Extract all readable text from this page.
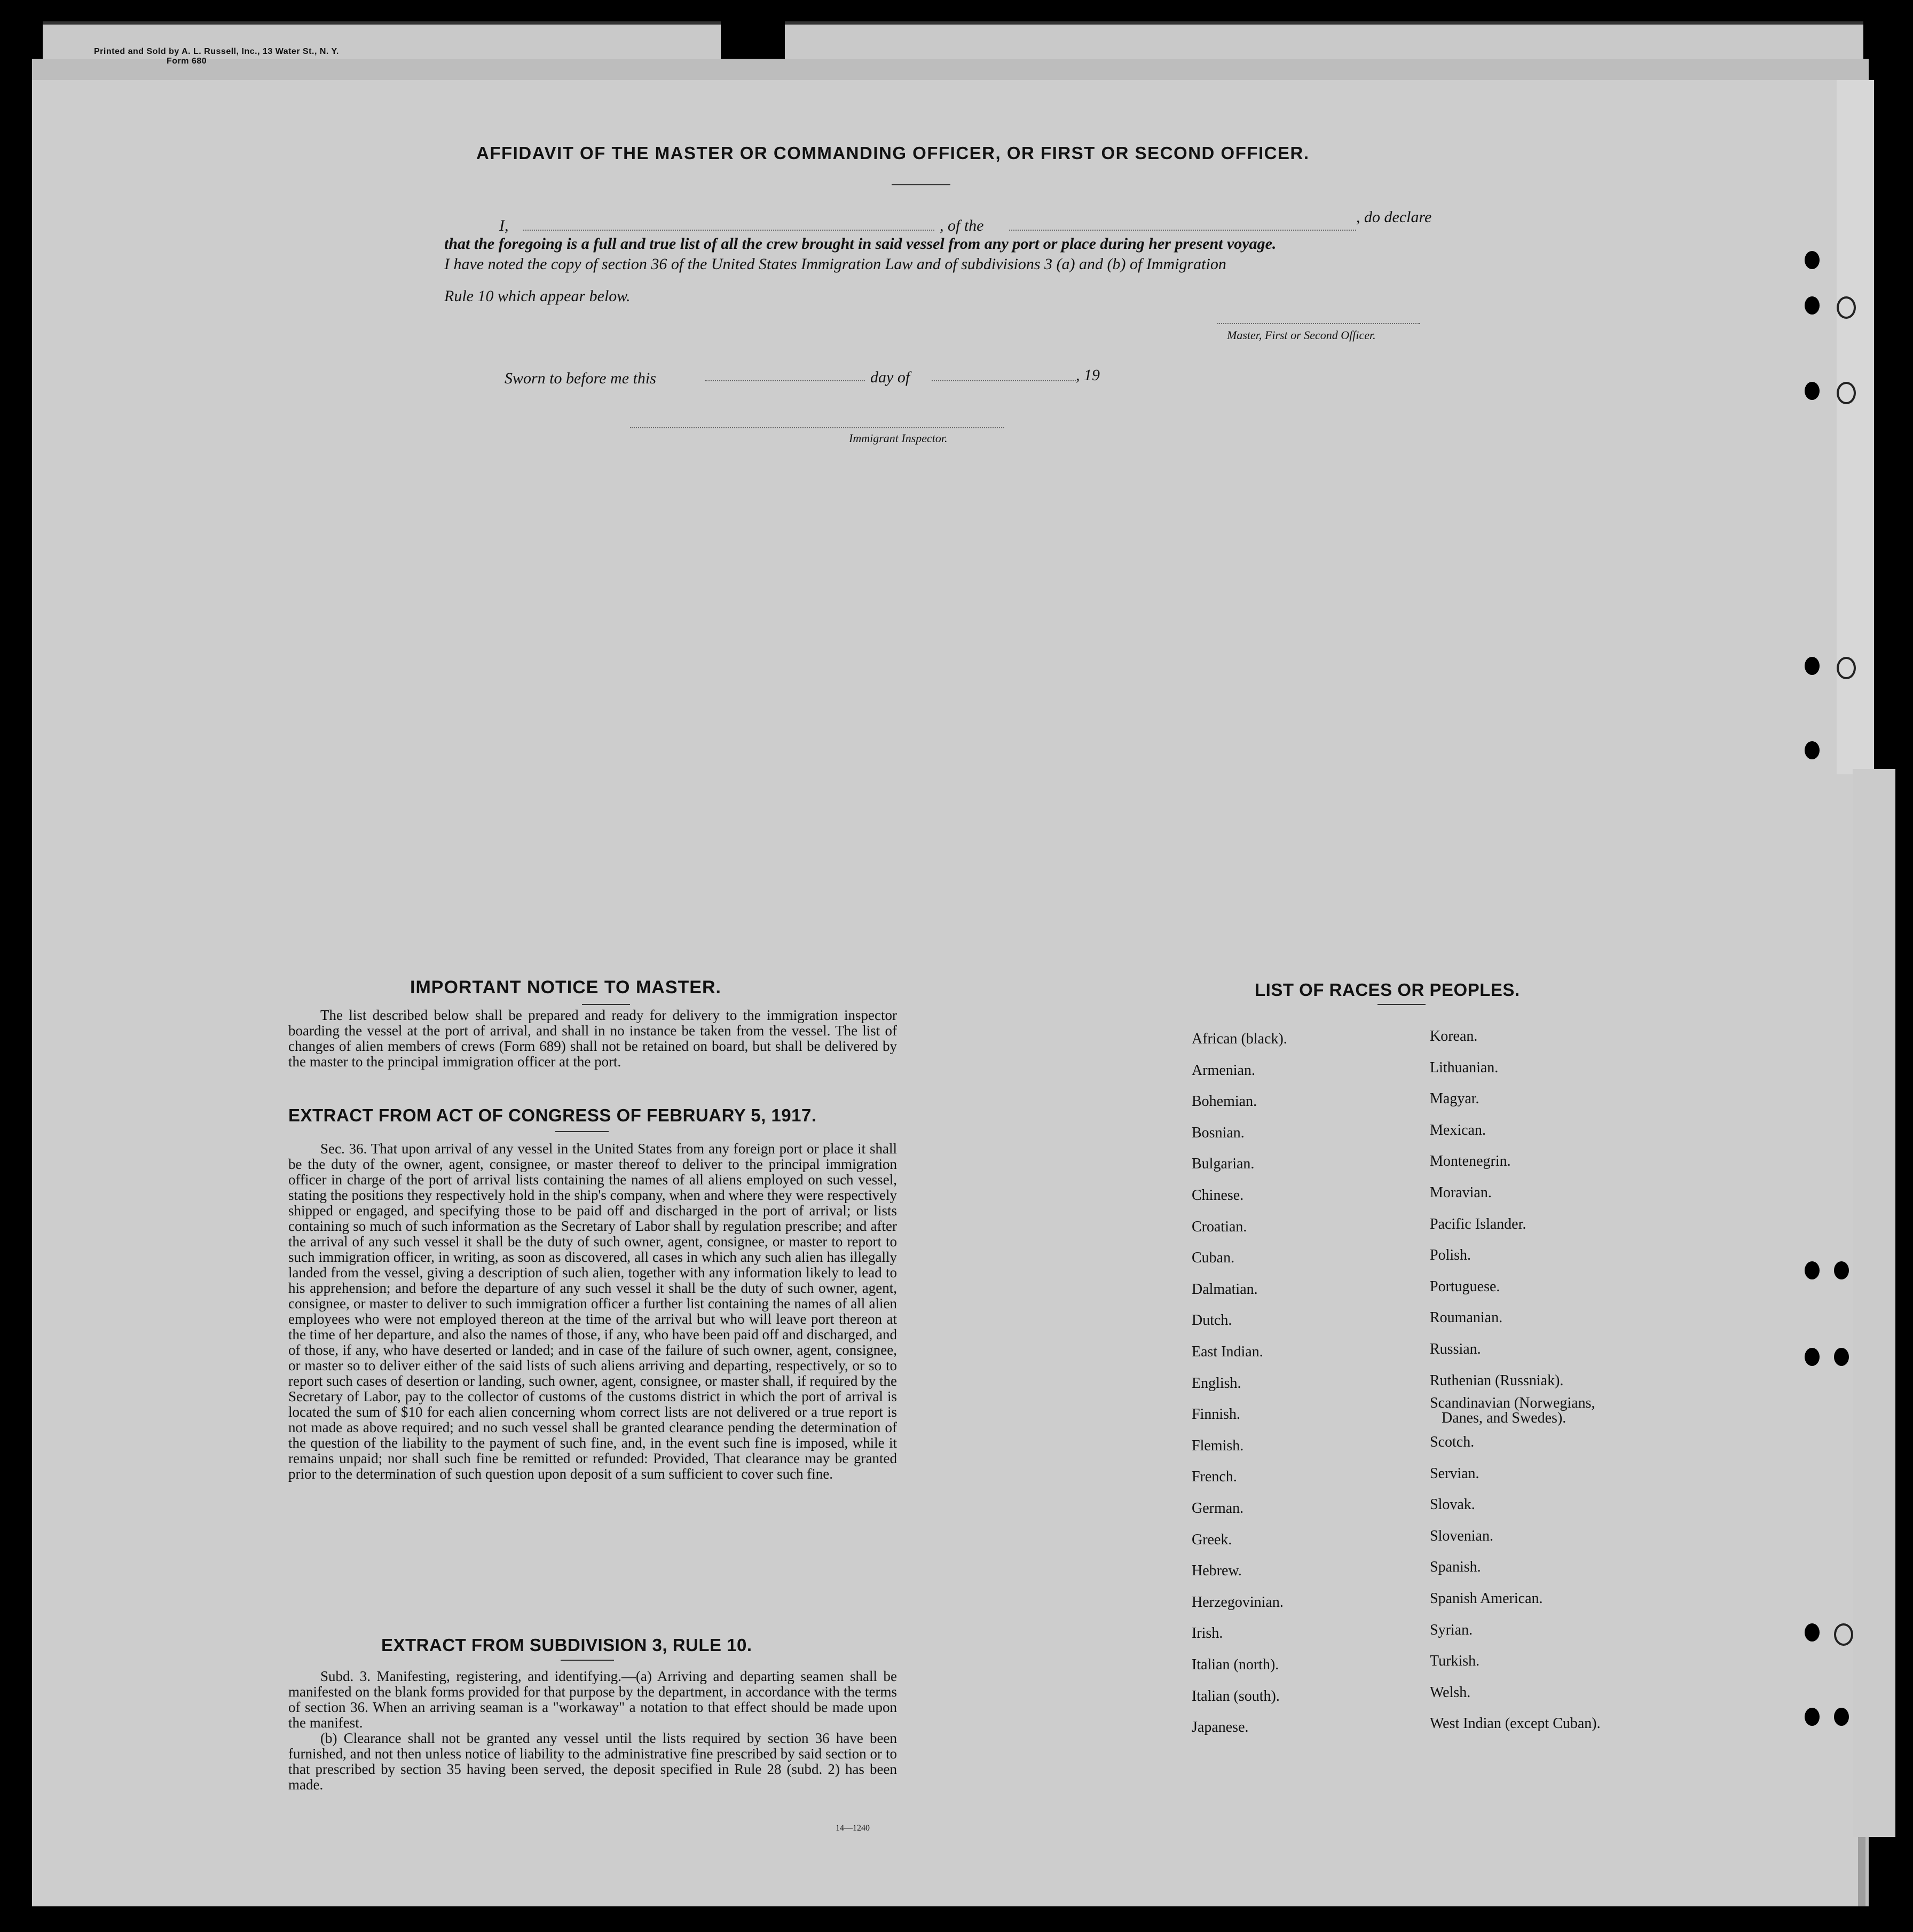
Printed and Sold by A. L. Russell, Inc., 13 Water St., N. Y.
Form 680
AFFIDAVIT OF THE MASTER OR COMMANDING OFFICER, OR FIRST OR SECOND OFFICER.
I,	, of the	, do declare
that the foregoing is a full and true list of all the crew brought in said vessel from any port or place during her present voyage.
I have noted the copy of section 36 of the United States Immigration Law and of subdivisions 3 (a) and (b) of Immigration
Rule 10 which appear below.
Master, First or Second Officer.
Sworn to before me this	day of	, 19
Immigrant Inspector.
IMPORTANT NOTICE TO MASTER.
The list described below shall be prepared and ready for delivery to the immigration inspector boarding the vessel at the port of arrival, and shall in no instance be taken from the vessel. The list of changes of alien members of crews (Form 689) shall not be retained on board, but shall be delivered by the master to the principal immigration officer at the port.
EXTRACT FROM ACT OF CONGRESS OF FEBRUARY 5, 1917.
Sec. 36. That upon arrival of any vessel in the United States from any foreign port or place it shall be the duty of the owner, agent, consignee, or master thereof to deliver to the principal immigration officer in charge of the port of arrival lists containing the names of all aliens employed on such vessel, stating the positions they respectively hold in the ship's company, when and where they were respectively shipped or engaged, and specifying those to be paid off and discharged in the port of arrival; or lists containing so much of such information as the Secretary of Labor shall by regulation prescribe; and after the arrival of any such vessel it shall be the duty of such owner, agent, consignee, or master to report to such immigration officer, in writing, as soon as discovered, all cases in which any such alien has illegally landed from the vessel, giving a description of such alien, together with any information likely to lead to his apprehension; and before the departure of any such vessel it shall be the duty of such owner, agent, consignee, or master to deliver to such immigration officer a further list containing the names of all alien employees who were not employed thereon at the time of the arrival but who will leave port thereon at the time of her departure, and also the names of those, if any, who have been paid off and discharged, and of those, if any, who have deserted or landed; and in case of the failure of such owner, agent, consignee, or master so to deliver either of the said lists of such aliens arriving and departing, respectively, or so to report such cases of desertion or landing, such owner, agent, consignee, or master shall, if required by the Secretary of Labor, pay to the collector of customs of the customs district in which the port of arrival is located the sum of $10 for each alien concerning whom correct lists are not delivered or a true report is not made as above required; and no such vessel shall be granted clearance pending the determination of the question of the liability to the payment of such fine, and, in the event such fine is imposed, while it remains unpaid; nor shall such fine be remitted or refunded: Provided, That clearance may be granted prior to the determination of such question upon deposit of a sum sufficient to cover such fine.
EXTRACT FROM SUBDIVISION 3, RULE 10.
Subd. 3. Manifesting, registering, and identifying.—(a) Arriving and departing seamen shall be manifested on the blank forms provided for that purpose by the department, in accordance with the terms of section 36. When an arriving seaman is a "workaway" a notation to that effect should be made upon the manifest.
(b) Clearance shall not be granted any vessel until the lists required by section 36 have been furnished, and not then unless notice of liability to the administrative fine prescribed by said section or to that prescribed by section 35 having been served, the deposit specified in Rule 28 (subd. 2) has been made.
14—1240
LIST OF RACES OR PEOPLES.
African (black).
Armenian.
Bohemian.
Bosnian.
Bulgarian.
Chinese.
Croatian.
Cuban.
Dalmatian.
Dutch.
East Indian.
English.
Finnish.
Flemish.
French.
German.
Greek.
Hebrew.
Herzegovinian.
Irish.
Italian (north).
Italian (south).
Japanese.
Korean.
Lithuanian.
Magyar.
Mexican.
Montenegrin.
Moravian.
Pacific Islander.
Polish.
Portuguese.
Roumanian.
Russian.
Ruthenian (Russniak).
Scandinavian (Norwegians,
Danes, and Swedes).
Scotch.
Servian.
Slovak.
Slovenian.
Spanish.
Spanish American.
Syrian.
Turkish.
Welsh.
West Indian (except Cuban).
